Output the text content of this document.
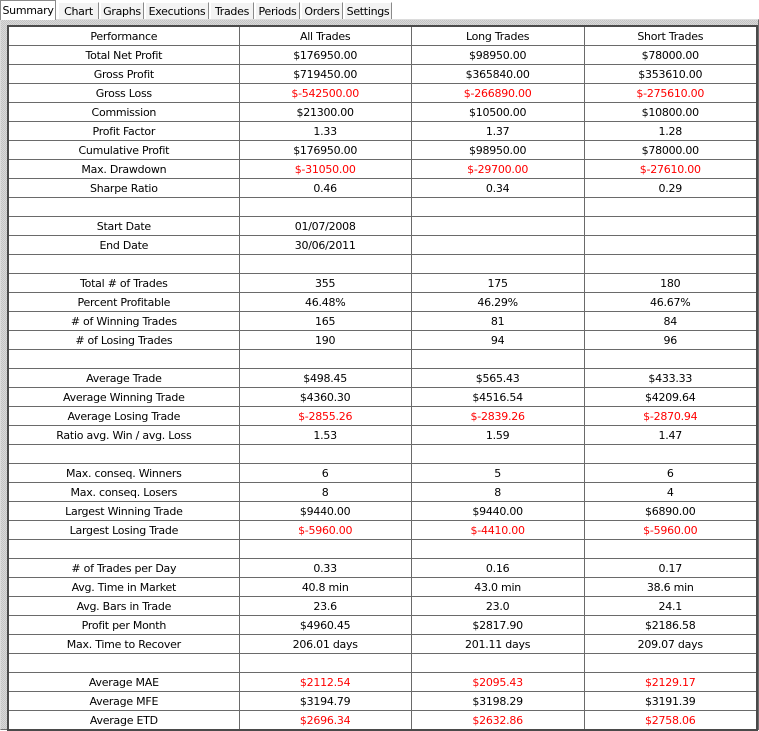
Summary Chart Graphs Executions Trades Periods Orders Settings
Performance	All Trades	Long Trades	Short Trades
Total Net Profit	$176950.00	$98950.00	$78000.00
Gross Profit	$719450.00	$365840.00	$353610.00
Gross Loss	$-542500.00	$-266890.00	$-275610.00
Commission	$21300.00	$10500.00	$10800.00
Profit Factor	1.33	1.37	1.28
Cumulative Profit	$176950.00	$98950.00	$78000.00
Max. Drawdown	$-31050.00	$-29700.00	$-27610.00
Sharpe Ratio	0.46	0.34	0.29

Start Date	01/07/2008		
End Date	30/06/2011		

Total # of Trades	355	175	180
Percent Profitable	46.48%	46.29%	46.67%
# of Winning Trades	165	81	84
# of Losing Trades	190	94	96

Average Trade	$498.45	$565.43	$433.33
Average Winning Trade	$4360.30	$4516.54	$4209.64
Average Losing Trade	$-2855.26	$-2839.26	$-2870.94
Ratio avg. Win / avg. Loss	1.53	1.59	1.47

Max. conseq. Winners	6	5	6
Max. conseq. Losers	8	8	4
Largest Winning Trade	$9440.00	$9440.00	$6890.00
Largest Losing Trade	$-5960.00	$-4410.00	$-5960.00

# of Trades per Day	0.33	0.16	0.17
Avg. Time in Market	40.8 min	43.0 min	38.6 min
Avg. Bars in Trade	23.6	23.0	24.1
Profit per Month	$4960.45	$2817.90	$2186.58
Max. Time to Recover	206.01 days	201.11 days	209.07 days

Average MAE	$2112.54	$2095.43	$2129.17
Average MFE	$3194.79	$3198.29	$3191.39
Average ETD	$2696.34	$2632.86	$2758.06
